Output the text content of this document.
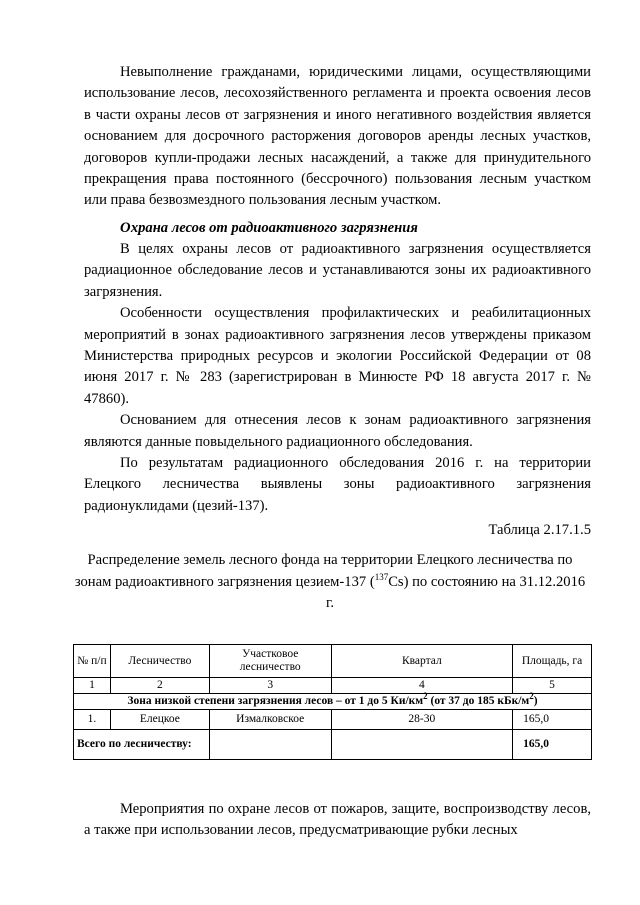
Невыполнение гражданами, юридическими лицами, осуществляющими использование лесов, лесохозяйственного регламента и проекта освоения лесов в части охраны лесов от загрязнения и иного негативного воздействия является основанием для досрочного расторжения договоров аренды лесных участков, договоров купли-продажи лесных насаждений, а также для принудительного прекращения права постоянного (бессрочного) пользования лесным участком или права безвозмездного пользования лесным участком.

Охрана лесов от радиоактивного загрязнения

В целях охраны лесов от радиоактивного загрязнения осуществляется радиационное обследование лесов и устанавливаются зоны их радиоактивного загрязнения.

Особенности осуществления профилактических и реабилитационных мероприятий в зонах радиоактивного загрязнения лесов утверждены приказом Министерства природных ресурсов и экологии Российской Федерации от 08 июня 2017 г. № 283 (зарегистрирован в Минюсте РФ 18 августа 2017 г. № 47860).

Основанием для отнесения лесов к зонам радиоактивного загрязнения являются данные повыдельного радиационного обследования.

По результатам радиационного обследования 2016 г. на территории Елецкого лесничества выявлены зоны радиоактивного загрязнения радионуклидами (цезий-137).

Таблица 2.17.1.5
Распределение земель лесного фонда на территории Елецкого лесничества по зонам радиоактивного загрязнения цезием-137 ($^{137}$Cs) по состоянию на 31.12.2016 г.
№ п/п	Лесничество	Участковое лесничество	Квартал	Площадь, га
1	2	3	4	5
Зона низкой степени загрязнения лесов – от 1 до 5 $Ки/км^2$ (от 37 до 185 кБк/$м^2$)				
1.	Елецкое	Измалковское	28-30	165,0
Всего по лесничеству:				165,0

Мероприятия по охране лесов от пожаров, защите, воспроизводству лесов, а также при использовании лесов, предусматривающие рубки лесных
